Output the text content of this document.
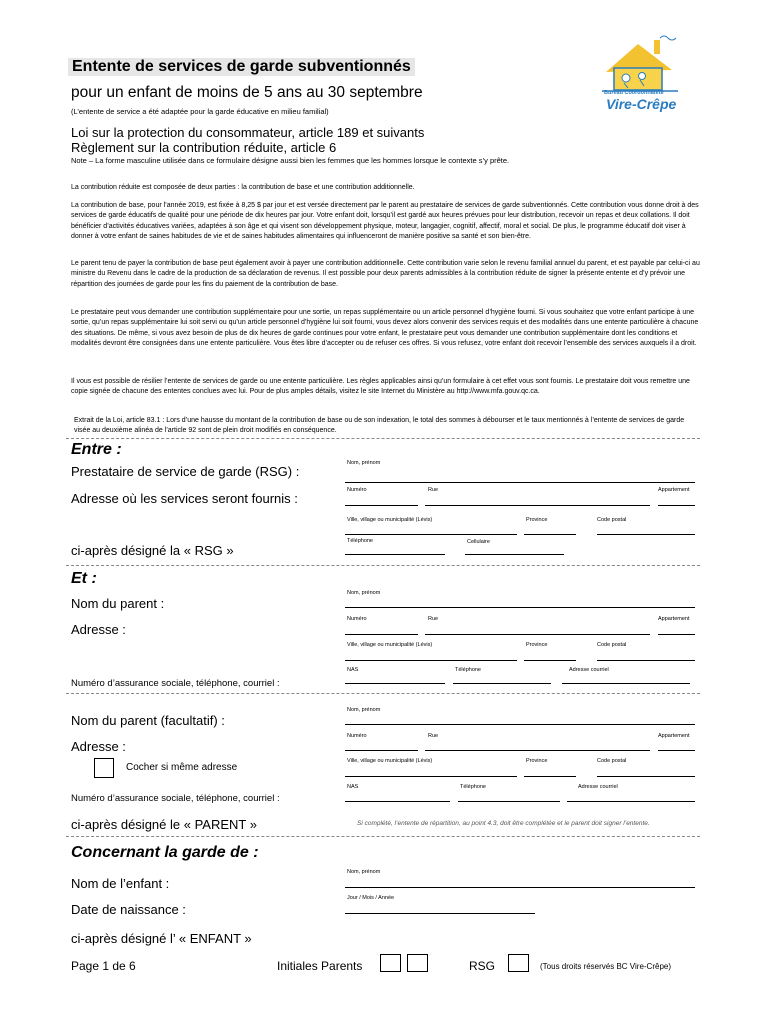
Entente de services de garde subventionnés
pour un enfant de moins de 5 ans au 30 septembre
(L’entente de service a été adaptée pour la garde éducative en milieu familial)
Loi sur la protection du consommateur, article 189 et suivants
Règlement sur la contribution réduite, article 6
Note – La forme masculine utilisée dans ce formulaire désigne aussi bien les femmes que les hommes lorsque le contexte s’y prête.
Bureau Coordonnateur
Vire-Crêpe
La contribution réduite est composée de deux parties : la contribution de base et une contribution additionnelle.
La contribution de base, pour l’année 2019, est fixée à 8,25 $ par jour et est versée directement par le parent au prestataire de services de garde subventionnés. Cette contribution vous donne droit à des services de garde éducatifs de qualité pour une période de dix heures par jour. Votre enfant doit, lorsqu’il est gardé aux heures prévues pour leur distribution, recevoir un repas et deux collations. Il doit bénéficier d’activités éducatives variées, adaptées à son âge et qui visent son développement physique, moteur, langagier, cognitif, affectif, moral et social. De plus, le programme éducatif doit viser à donner à votre enfant de saines habitudes de vie et de saines habitudes alimentaires qui influenceront de manière positive sa santé et son bien-être.
Le parent tenu de payer la contribution de base peut également avoir à payer une contribution additionnelle. Cette contribution varie selon le revenu familial annuel du parent, et est payable par celui-ci au ministre du Revenu dans le cadre de la production de sa déclaration de revenus. Il est possible pour deux parents admissibles à la contribution réduite de signer la présente entente et d’y prévoir une répartition des journées de garde pour les fins du paiement de la contribution de base.
Le prestataire peut vous demander une contribution supplémentaire pour une sortie, un repas supplémentaire ou un article personnel d’hygiène fourni. Si vous souhaitez que votre enfant participe à une sortie, qu’un repas supplémentaire lui soit servi ou qu’un article personnel d’hygiène lui soit fourni, vous devez alors convenir des services requis et des modalités dans une entente particulière à chacune des situations. De même, si vous avez besoin de plus de dix heures de garde continues pour votre enfant, le prestataire peut vous demander une contribution supplémentaire dont les conditions et modalités devront être consignées dans une entente particulière. Vous êtes libre d’accepter ou de refuser ces offres. Si vous refusez, votre enfant doit recevoir l’ensemble des services auxquels il a droit.
Il vous est possible de résilier l’entente de services de garde ou une entente particulière. Les règles applicables ainsi qu’un formulaire à cet effet vous sont fournis. Le prestataire doit vous remettre une copie signée de chacune des ententes conclues avec lui. Pour de plus amples détails, visitez le site Internet du Ministère au http://www.mfa.gouv.qc.ca.
Extrait de la Loi, article 83.1 : Lors d’une hausse du montant de la contribution de base ou de son indexation, le total des sommes à débourser et le taux mentionnés à l’entente de services de garde visée au deuxième alinéa de l’article 92 sont de plein droit modifiés en conséquence.
Entre :
Prestataire de service de garde (RSG) :
Nom, prénom
Adresse où les services seront fournis :
Numéro	Rue	Appartement
Ville, village ou municipalité (Lévis)	Province	Code postal
ci-après désigné la « RSG »
Téléphone	Cellulaire
Et :
Nom du parent :
Nom, prénom
Adresse :
Numéro	Rue	Appartement
Ville, village ou municipalité (Lévis)	Province	Code postal
NAS	Téléphone	Adresse courriel
Numéro d’assurance sociale, téléphone, courriel :
Nom du parent (facultatif) :
Nom, prénom
Adresse :
Numéro	Rue	Appartement
Cocher si même adresse
Ville, village ou municipalité (Lévis)	Province	Code postal
NAS	Téléphone	Adresse courriel
Numéro d’assurance sociale, téléphone, courriel :
ci-après désigné le « PARENT »	Si complété, l’entente de répartition, au point 4.3, doit être complétée et le parent doit signer l’entente.
Concernant la garde de :
Nom de l’enfant :
Nom, prénom
Date de naissance :
Jour / Mois / Année
ci-après désigné l’ « ENFANT »
Page 1 de 6	Initiales Parents	RSG	(Tous droits réservés BC Vire-Crêpe)
